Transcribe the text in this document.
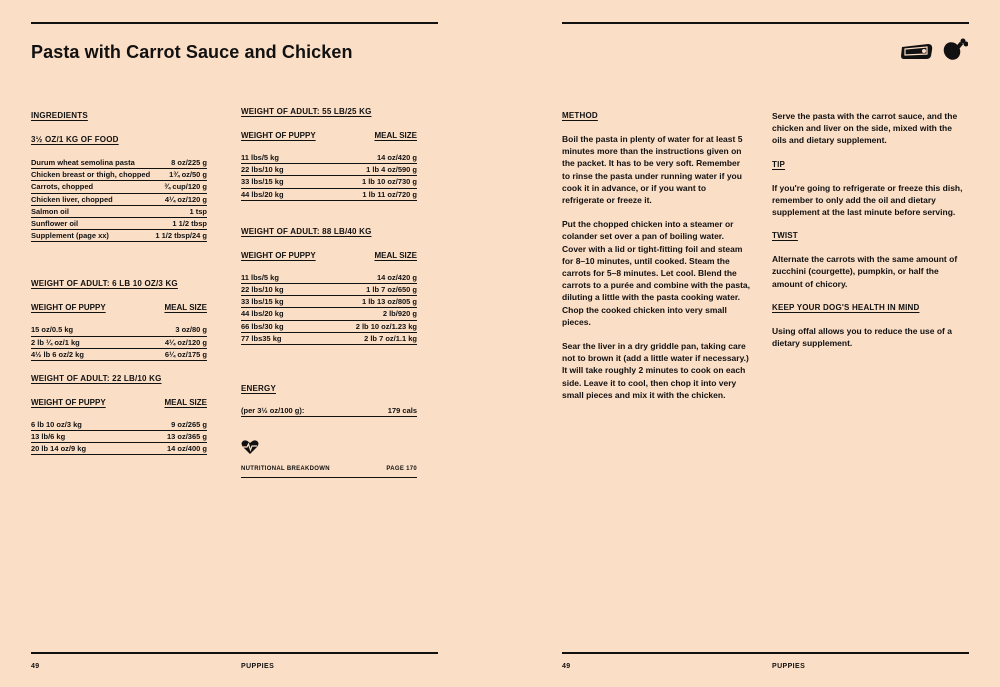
Pasta with Carrot Sauce and Chicken
INGREDIENTS
3½ OZ/1 KG OF FOOD
Durum wheat semolina pasta	8 oz/225 g
Chicken breast or thigh, chopped	1¾ oz/50 g
Carrots, chopped	¾ cup/120 g
Chicken liver, chopped	4¼ oz/120 g
Salmon oil	1 tsp
Sunflower oil	1 1/2 tbsp
Supplement (page xx)	1 1/2 tbsp/24 g
WEIGHT OF ADULT: 6 LB 10 OZ/3 KG
WEIGHT OF PUPPY	MEAL SIZE
15 oz/0.5 kg	3 oz/80 g
2 lb ¼ oz/1 kg	4¼ oz/120 g
4½ lb 6 oz/2 kg	6¼ oz/175 g
WEIGHT OF ADULT: 22 LB/10 KG
WEIGHT OF PUPPY	MEAL SIZE
6 lb 10 oz/3 kg	9 oz/265 g
13 lb/6 kg	13 oz/365 g
20 lb 14 oz/9 kg	14 oz/400 g
WEIGHT OF ADULT: 55 LB/25 KG
WEIGHT OF PUPPY	MEAL SIZE
11 lbs/5 kg	14 oz/420 g
22 lbs/10 kg	1 lb 4 oz/590 g
33 lbs/15 kg	1 lb 10 oz/730 g
44 lbs/20 kg	1 lb 11 oz/720 g
WEIGHT OF ADULT: 88 LB/40 KG
WEIGHT OF PUPPY	MEAL SIZE
11 lbs/5 kg	14 oz/420 g
22 lbs/10 kg	1 lb 7 oz/650 g
33 lbs/15 kg	1 lb 13 oz/805 g
44 lbs/20 kg	2 lb/920 g
66 lbs/30 kg	2 lb 10 oz/1.23 kg
77 lbs35 kg	2 lb 7 oz/1.1 kg
ENERGY
(per 3½ oz/100 g):	179 cals
NUTRITIONAL BREAKDOWN	PAGE 170
METHOD

Boil the pasta in plenty of water for at least 5 minutes more than the instructions given on the packet. It has to be very soft. Remember to rinse the pasta under running water if you cook it in advance, or if you want to refrigerate or freeze it.

Put the chopped chicken into a steamer or colander set over a pan of boiling water. Cover with a lid or tight-fitting foil and steam for 8–10 minutes, until cooked. Steam the carrots for 5–8 minutes. Let cool. Blend the carrots to a purée and combine with the pasta, diluting a little with the pasta cooking water. Chop the cooked chicken into very small pieces.

Sear the liver in a dry griddle pan, taking care not to brown it (add a little water if necessary.) It will take roughly 2 minutes to cook on each side. Leave it to cool, then chop it into very small pieces and mix it with the chicken.

Serve the pasta with the carrot sauce, and the chicken and liver on the side, mixed with the oils and dietary supplement.

TIP

If you're going to refrigerate or freeze this dish, remember to only add the oil and dietary supplement at the last minute before serving.

TWIST

Alternate the carrots with the same amount of zucchini (courgette), pumpkin, or half the amount of chicory.

KEEP YOUR DOG'S HEALTH IN MIND

Using offal allows you to reduce the use of a dietary supplement.

49	PUPPIES	49	PUPPIES
